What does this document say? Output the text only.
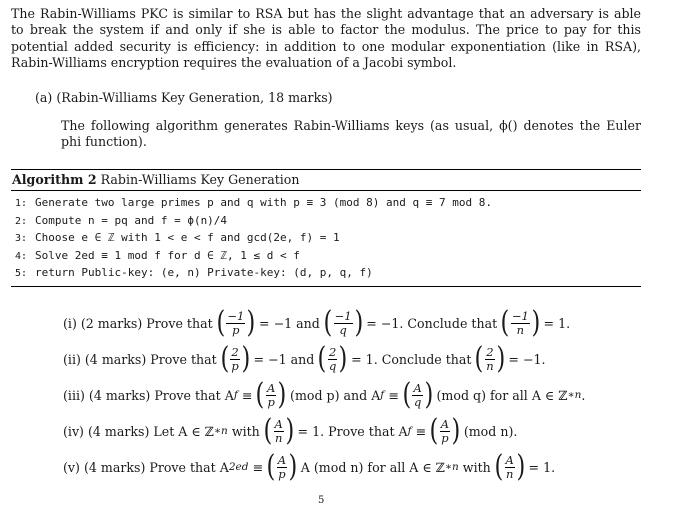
The Rabin-Williams PKC is similar to RSA but has the slight advantage that an adversary is able to break the system if and only if she is able to factor the modulus. The price to pay for this potential added security is efficiency: in addition to one modular exponentiation (like in RSA), Rabin-Williams encryption requires the evaluation of a Jacobi symbol.
(a) (Rabin-Williams Key Generation, 18 marks)
The following algorithm generates Rabin-Williams keys (as usual, ϕ() denotes the Euler phi function).
Algorithm 2 Rabin-Williams Key Generation
1: Generate two large primes p and q with p ≡ 3 (mod 8) and q ≡ 7 mod 8.
2: Compute n = pq and f = ϕ(n)/4
3: Choose e ∈ ℤ with 1 < e < f and gcd(2e, f) = 1
4: Solve 2ed ≡ 1 mod f for d ∈ ℤ, 1 ≤ d < f
5: return Public-key: (e, n) Private-key: (d, p, q, f)
(i) (2 marks) Prove that ( $\frac{-1}{p}$ ) = −1 and ( $\frac{-1}{q}$ ) = −1. Conclude that ( $\frac{-1}{n}$ ) = 1.
(ii) (4 marks) Prove that ( $\frac{2}{p}$ ) = −1 and ( $\frac{2}{q}$ ) = 1. Conclude that ( $\frac{2}{n}$ ) = −1.
(iii) (4 marks) Prove that A f
≡ ( $\frac{A}{p}$ ) (mod p) and A f
≡ ( $\frac{A}{q}$ ) (mod q) for all A ∈ ℤ ∗ n .
(iv) (4 marks) Let A ∈ ℤ ∗ n
with ( $\frac{A}{n}$ ) = 1. Prove that A f
≡ ( $\frac{A}{p}$ ) (mod n).
(v) (4 marks) Prove that A 2ed
≡ ( $\frac{A}{p}$ ) A (mod n) for all A ∈ ℤ ∗ n
with ( $\frac{A}{n}$ ) = 1.
5
